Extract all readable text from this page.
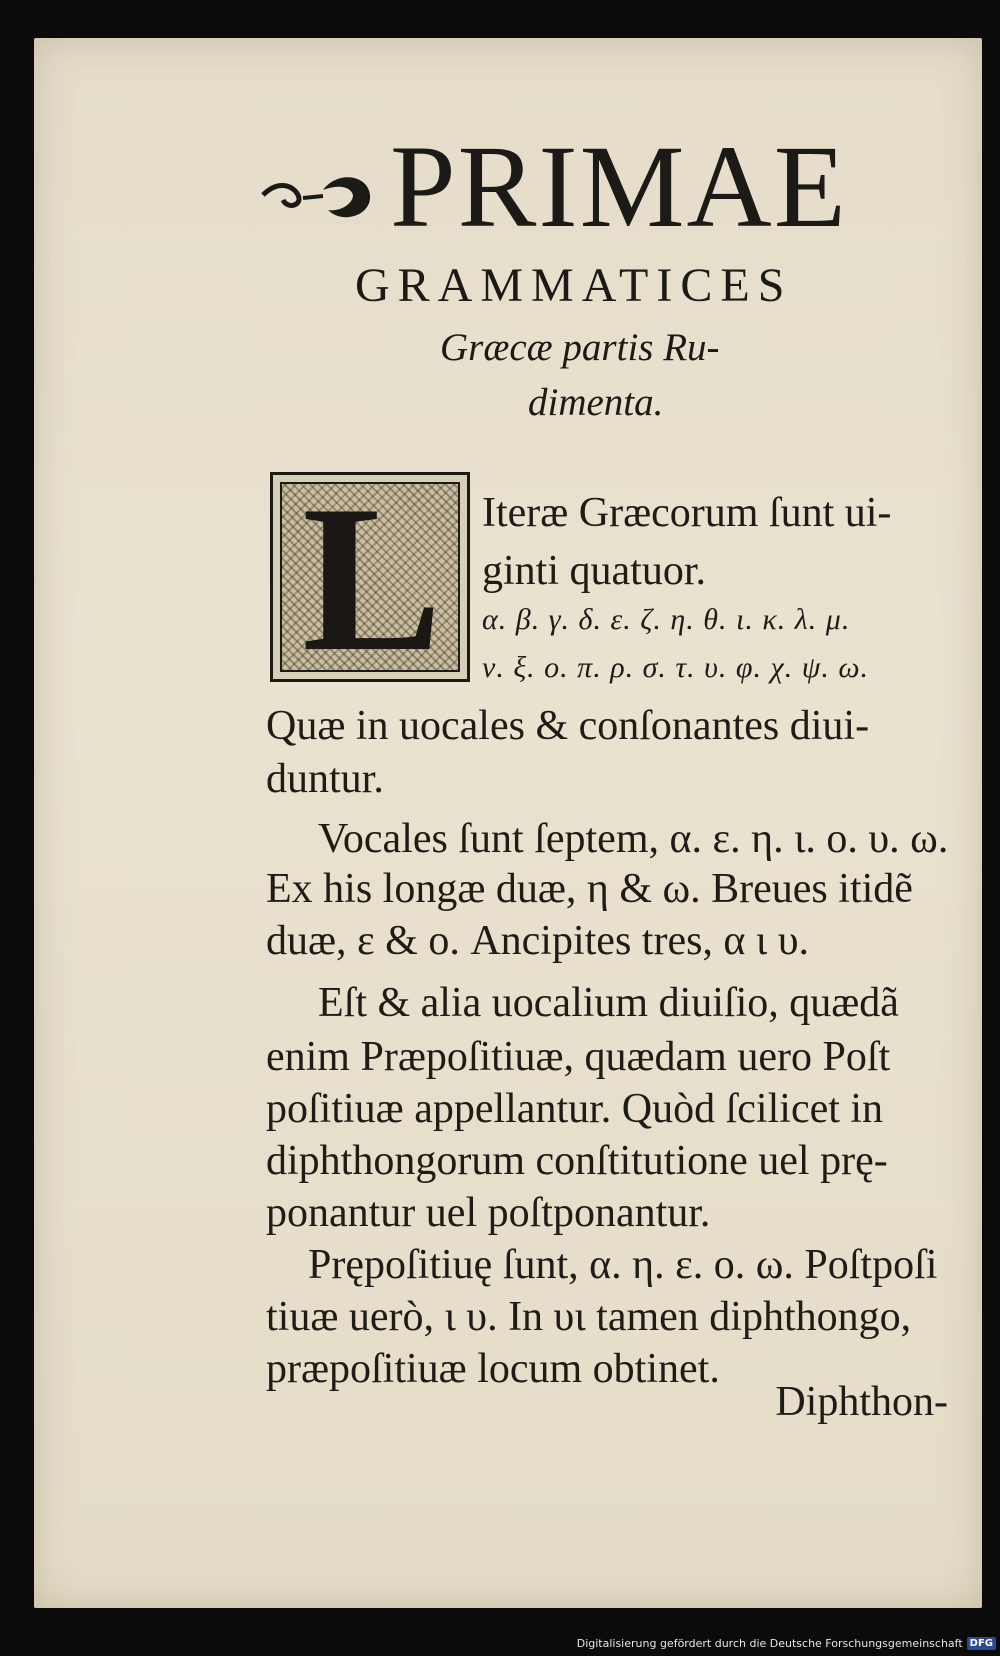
PRIMAE
GRAMMATICES
Græcæ partis Ru-
dimenta.
L Iteræ Græcorum ſunt ui-
ginti quatuor.
α. β. γ. δ. ε. ζ. η. θ. ι. κ. λ. μ.
ν. ξ. ο. π. ρ. σ. τ. υ. φ. χ. ψ. ω.
Quæ in uocales & conſonantes diui-
duntur.
Vocales ſunt ſeptem, α. ε. η. ι. ο. υ. ω.
Ex his longæ duæ, η & ω. Breues itidẽ
duæ, ε & ο. Ancipites tres, α ι υ.
Eſt & alia uocalium diuiſio, quædã
enim Præpoſitiuæ, quædam uero Poſt
poſitiuæ appellantur. Quòd ſcilicet in
diphthongorum conſtitutione uel prę-
ponantur uel poſtponantur.
Prępoſitiuę ſunt, α. η. ε. ο. ω. Poſtpoſi
tiuæ uerò, ι υ. In υι tamen diphthongo,
præpoſitiuæ locum obtinet.
Diphthon-
Digitalisierung gefördert durch die Deutsche Forschungsgemeinschaft DFG
